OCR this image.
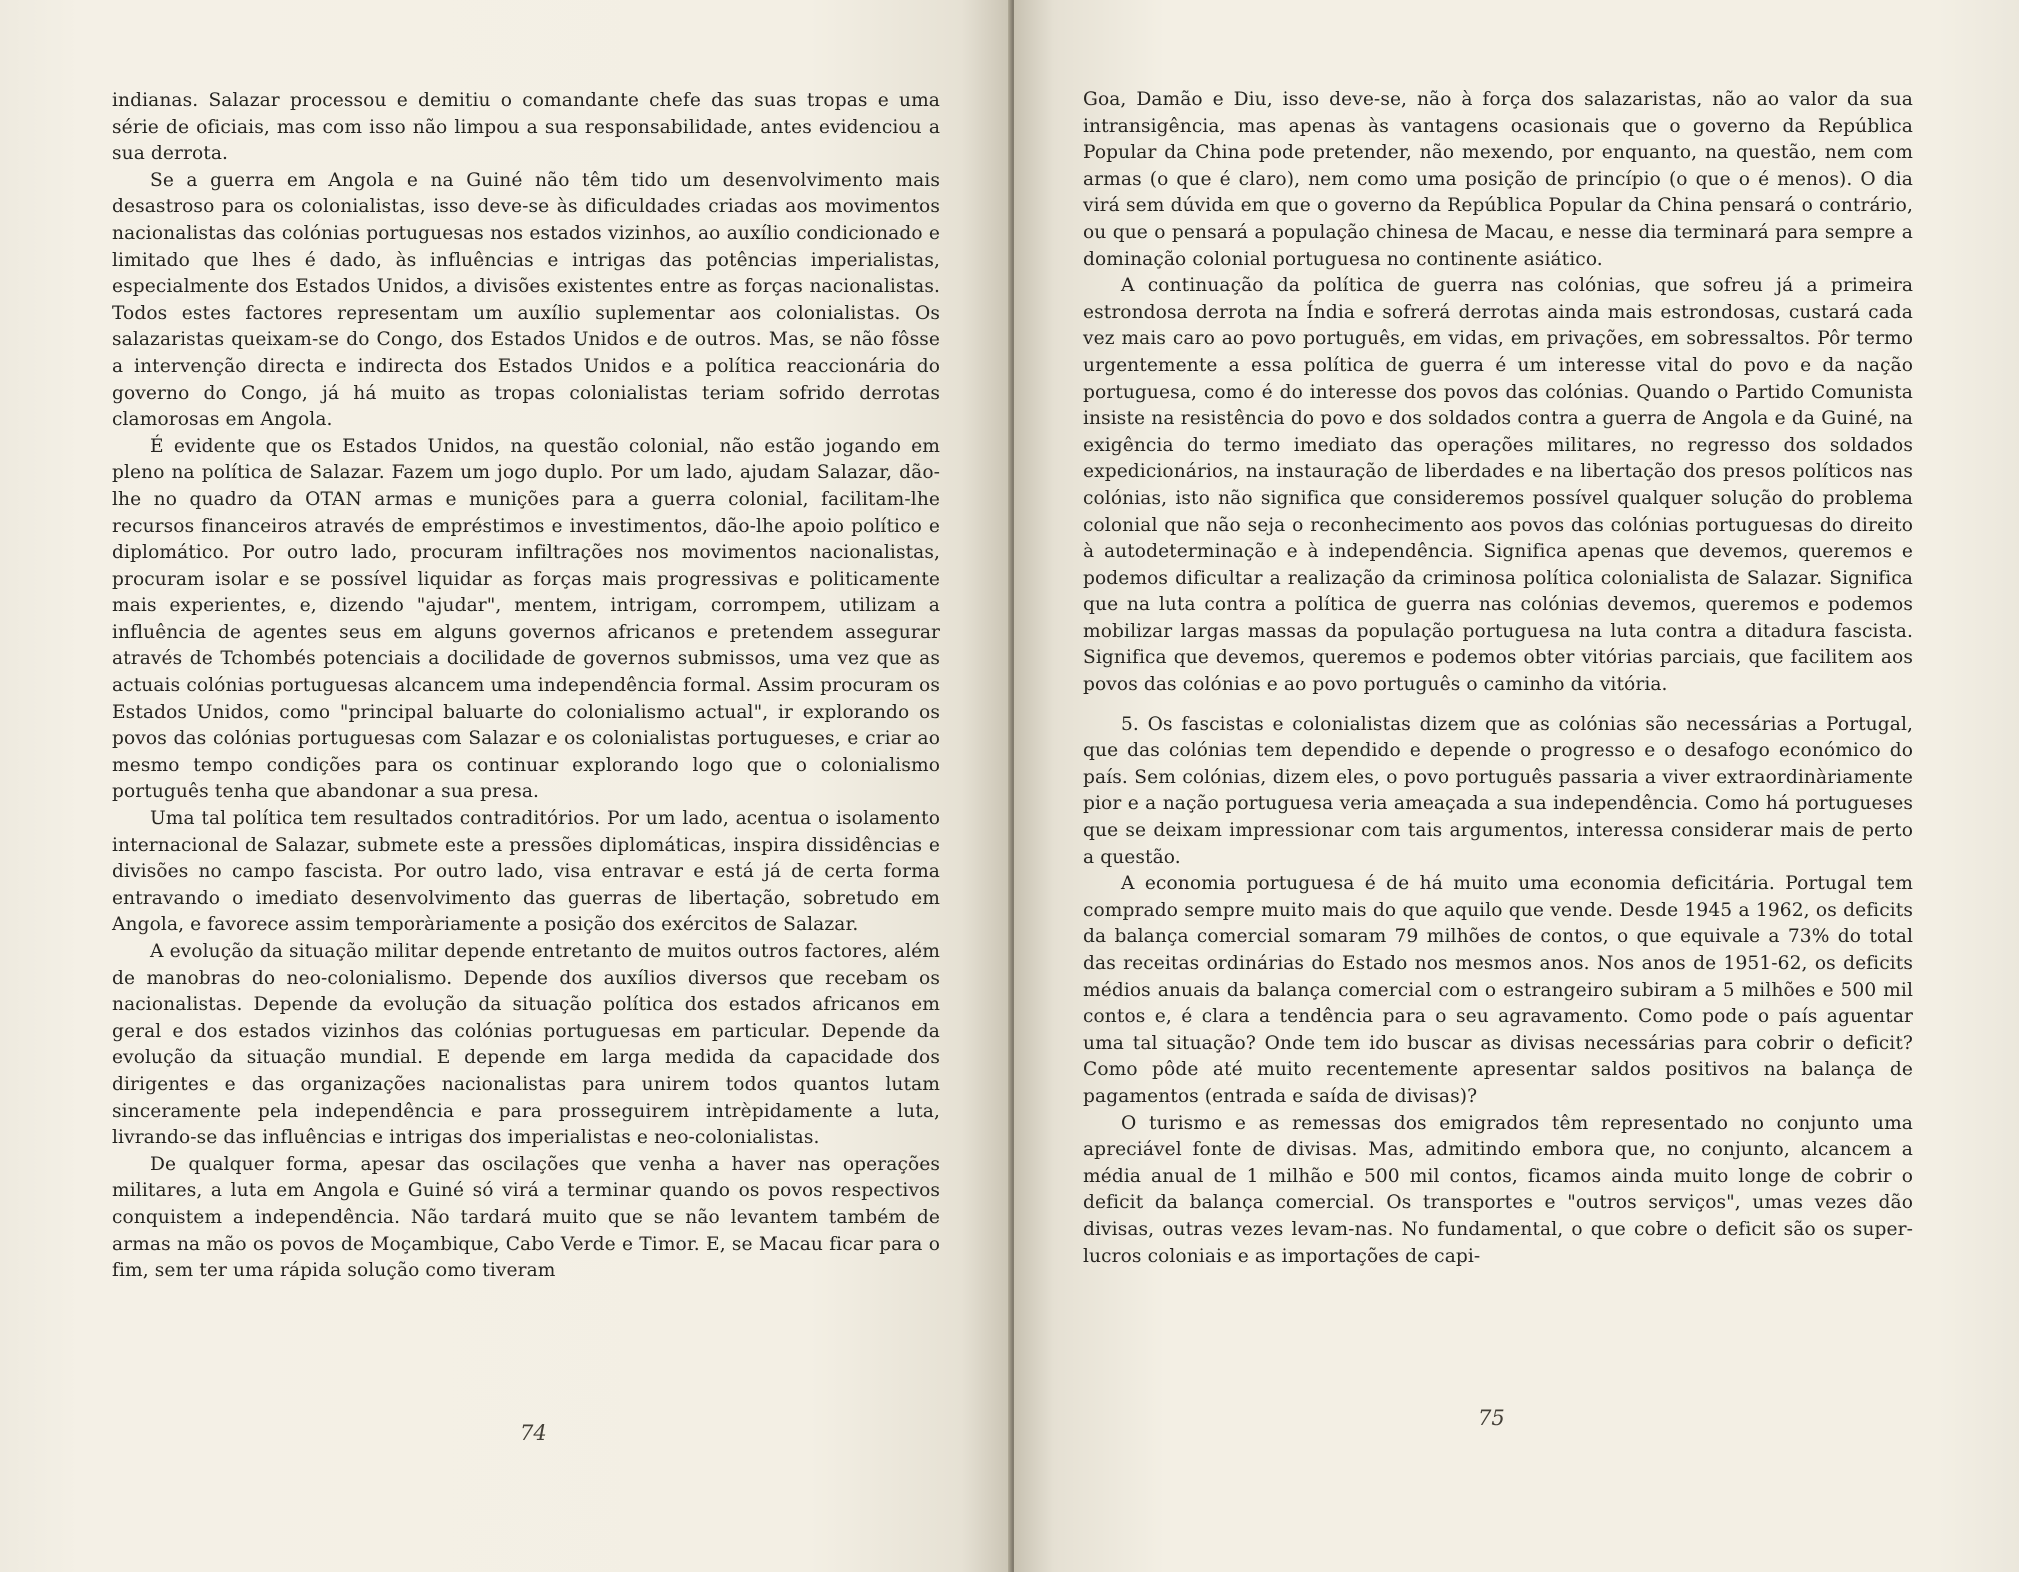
indianas. Salazar processou e demitiu o comandante chefe das suas tropas e uma série de oficiais, mas com isso não limpou a sua responsabilidade, antes evidenciou a sua derrota.

Se a guerra em Angola e na Guiné não têm tido um desenvolvimento mais desastroso para os colonialistas, isso deve-se às dificuldades criadas aos movimentos nacionalistas das colónias portuguesas nos estados vizinhos, ao auxílio condicionado e limitado que lhes é dado, às influências e intrigas das potências imperialistas, especialmente dos Estados Unidos, a divisões existentes entre as forças nacionalistas. Todos estes factores representam um auxílio suplementar aos colonialistas. Os salazaristas queixam-se do Congo, dos Estados Unidos e de outros. Mas, se não fôsse a intervenção directa e indirecta dos Estados Unidos e a política reaccionária do governo do Congo, já há muito as tropas colonialistas teriam sofrido derrotas clamorosas em Angola.

É evidente que os Estados Unidos, na questão colonial, não estão jogando em pleno na política de Salazar. Fazem um jogo duplo. Por um lado, ajudam Salazar, dão-lhe no quadro da OTAN armas e munições para a guerra colonial, facilitam-lhe recursos financeiros através de empréstimos e investimentos, dão-lhe apoio político e diplomático. Por outro lado, procuram infiltrações nos movimentos nacionalistas, procuram isolar e se possível liquidar as forças mais progressivas e politicamente mais experientes, e, dizendo "ajudar", mentem, intrigam, corrompem, utilizam a influência de agentes seus em alguns governos africanos e pretendem assegurar através de Tchombés potenciais a docilidade de governos submissos, uma vez que as actuais colónias portuguesas alcancem uma independência formal. Assim procuram os Estados Unidos, como "principal baluarte do colonialismo actual", ir explorando os povos das colónias portuguesas com Salazar e os colonialistas portugueses, e criar ao mesmo tempo condições para os continuar explorando logo que o colonialismo português tenha que abandonar a sua presa.

Uma tal política tem resultados contraditórios. Por um lado, acentua o isolamento internacional de Salazar, submete este a pressões diplomáticas, inspira dissidências e divisões no campo fascista. Por outro lado, visa entravar e está já de certa forma entravando o imediato desenvolvimento das guerras de libertação, sobretudo em Angola, e favorece assim temporàriamente a posição dos exércitos de Salazar.

A evolução da situação militar depende entretanto de muitos outros factores, além de manobras do neo-colonialismo. Depende dos auxílios diversos que recebam os nacionalistas. Depende da evolução da situação política dos estados africanos em geral e dos estados vizinhos das colónias portuguesas em particular. Depende da evolução da situação mundial. E depende em larga medida da capacidade dos dirigentes e das organizações nacionalistas para unirem todos quantos lutam sinceramente pela independência e para prosseguirem intrèpidamente a luta, livrando-se das influências e intrigas dos imperialistas e neo-colonialistas.

De qualquer forma, apesar das oscilações que venha a haver nas operações militares, a luta em Angola e Guiné só virá a terminar quando os povos respectivos conquistem a independência. Não tardará muito que se não levantem também de armas na mão os povos de Moçambique, Cabo Verde e Timor. E, se Macau ficar para o fim, sem ter uma rápida solução como tiveram

74

Goa, Damão e Diu, isso deve-se, não à força dos salazaristas, não ao valor da sua intransigência, mas apenas às vantagens ocasionais que o governo da República Popular da China pode pretender, não mexendo, por enquanto, na questão, nem com armas (o que é claro), nem como uma posição de princípio (o que o é menos). O dia virá sem dúvida em que o governo da República Popular da China pensará o contrário, ou que o pensará a população chinesa de Macau, e nesse dia terminará para sempre a dominação colonial portuguesa no continente asiático.

A continuação da política de guerra nas colónias, que sofreu já a primeira estrondosa derrota na Índia e sofrerá derrotas ainda mais estrondosas, custará cada vez mais caro ao povo português, em vidas, em privações, em sobressaltos. Pôr termo urgentemente a essa política de guerra é um interesse vital do povo e da nação portuguesa, como é do interesse dos povos das colónias. Quando o Partido Comunista insiste na resistência do povo e dos soldados contra a guerra de Angola e da Guiné, na exigência do termo imediato das operações militares, no regresso dos soldados expedicionários, na instauração de liberdades e na libertação dos presos políticos nas colónias, isto não significa que consideremos possível qualquer solução do problema colonial que não seja o reconhecimento aos povos das colónias portuguesas do direito à autodeterminação e à independência. Significa apenas que devemos, queremos e podemos dificultar a realização da criminosa política colonialista de Salazar. Significa que na luta contra a política de guerra nas colónias devemos, queremos e podemos mobilizar largas massas da população portuguesa na luta contra a ditadura fascista. Significa que devemos, queremos e podemos obter vitórias parciais, que facilitem aos povos das colónias e ao povo português o caminho da vitória.

5. Os fascistas e colonialistas dizem que as colónias são necessárias a Portugal, que das colónias tem dependido e depende o progresso e o desafogo económico do país. Sem colónias, dizem eles, o povo português passaria a viver extraordinàriamente pior e a nação portuguesa veria ameaçada a sua independência. Como há portugueses que se deixam impressionar com tais argumentos, interessa considerar mais de perto a questão.

A economia portuguesa é de há muito uma economia deficitária. Portugal tem comprado sempre muito mais do que aquilo que vende. Desde 1945 a 1962, os deficits da balança comercial somaram 79 milhões de contos, o que equivale a 73% do total das receitas ordinárias do Estado nos mesmos anos. Nos anos de 1951-62, os deficits médios anuais da balança comercial com o estrangeiro subiram a 5 milhões e 500 mil contos e, é clara a tendência para o seu agravamento. Como pode o país aguentar uma tal situação? Onde tem ido buscar as divisas necessárias para cobrir o deficit? Como pôde até muito recentemente apresentar saldos positivos na balança de pagamentos (entrada e saída de divisas)?

O turismo e as remessas dos emigrados têm representado no conjunto uma apreciável fonte de divisas. Mas, admitindo embora que, no conjunto, alcancem a média anual de 1 milhão e 500 mil contos, ficamos ainda muito longe de cobrir o deficit da balança comercial. Os transportes e "outros serviços", umas vezes dão divisas, outras vezes levam-nas. No fundamental, o que cobre o deficit são os super-lucros coloniais e as importações de capi-

75
